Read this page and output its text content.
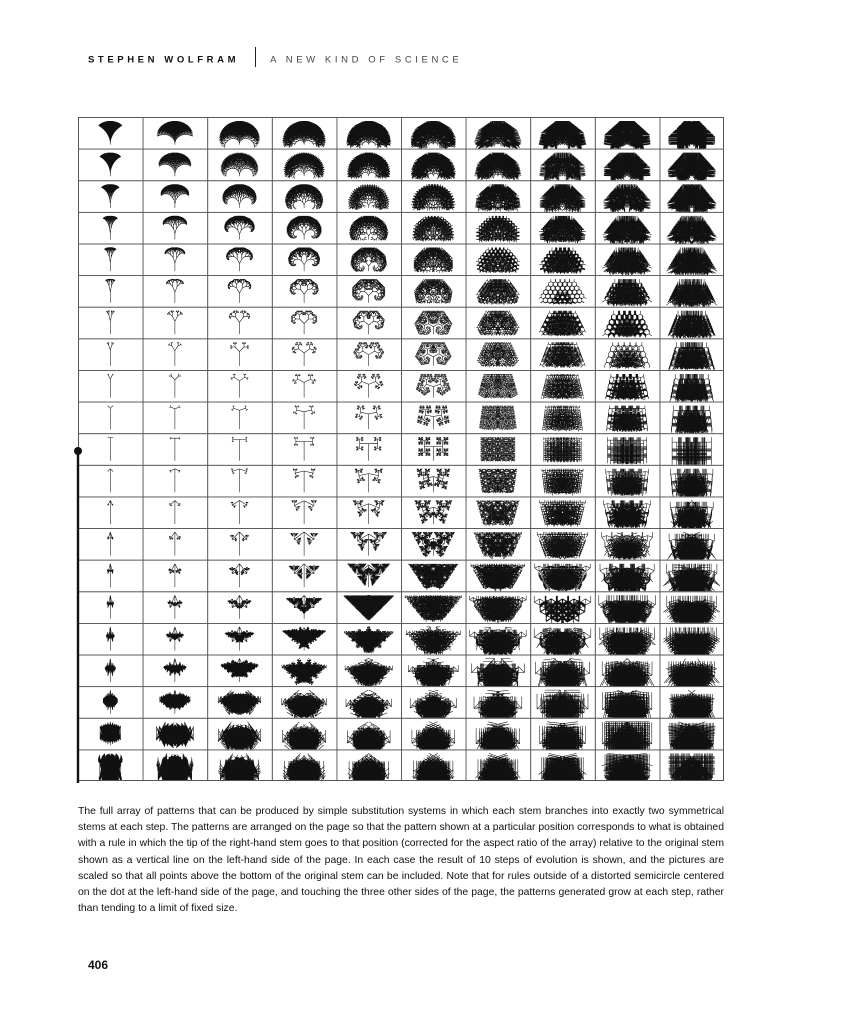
STEPHEN WOLFRAM	A NEW KIND OF SCIENCE

The full array of patterns that can be produced by simple substitution systems in which each stem branches into exactly two symmetrical stems at each step. The patterns are arranged on the page so that the pattern shown at a particular position corresponds to what is obtained with a rule in which the tip of the right-hand stem goes to that position (corrected for the aspect ratio of the array) relative to the original stem shown as a vertical line on the left-hand side of the page. In each case the result of 10 steps of evolution is shown, and the pictures are scaled so that all points above the bottom of the original stem can be included. Note that for rules outside of a distorted semicircle centered on the dot at the left-hand side of the page, and touching the three other sides of the page, the patterns generated grow at each step, rather than tending to a limit of fixed size.

406
